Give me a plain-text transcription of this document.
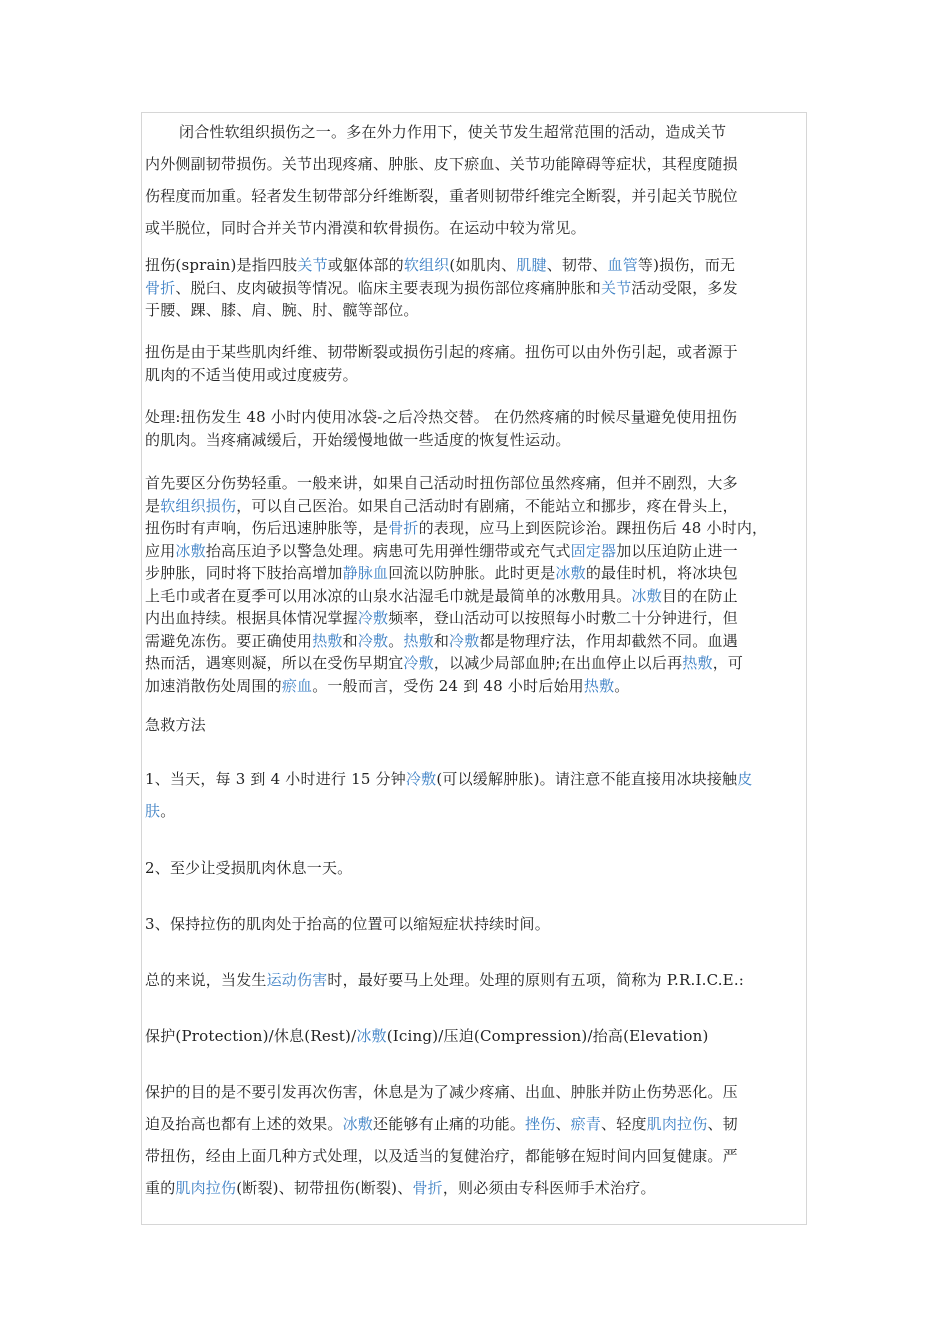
闭合性软组织损伤之一。多在外力作用下，使关节发生超常范围的活动，造成关节
内外侧副韧带损伤。关节出现疼痛、肿胀、皮下瘀血、关节功能障碍等症状，其程度随损
伤程度而加重。轻者发生韧带部分纤维断裂，重者则韧带纤维完全断裂，并引起关节脱位
或半脱位，同时合并关节内滑漠和软骨损伤。在运动中较为常见。
扭伤(sprain)是指四肢关节或躯体部的软组织(如肌肉、肌腱、韧带、血管等)损伤，而无
骨折、脱臼、皮肉破损等情况。临床主要表现为损伤部位疼痛肿胀和关节活动受限，多发
于腰、踝、膝、肩、腕、肘、髋等部位。
扭伤是由于某些肌肉纤维、韧带断裂或损伤引起的疼痛。扭伤可以由外伤引起，或者源于
肌肉的不适当使用或过度疲劳。
处理:扭伤发生 48 小时内使用冰袋-之后冷热交替。 在仍然疼痛的时候尽量避免使用扭伤
的肌肉。当疼痛减缓后，开始缓慢地做一些适度的恢复性运动。
首先要区分伤势轻重。一般来讲，如果自己活动时扭伤部位虽然疼痛，但并不剧烈，大多
是软组织损伤，可以自己医治。如果自己活动时有剧痛，不能站立和挪步，疼在骨头上，
扭伤时有声响，伤后迅速肿胀等，是骨折的表现，应马上到医院诊治。踝扭伤后 48 小时内，
应用冰敷抬高压迫予以警急处理。病患可先用弹性绷带或充气式固定器加以压迫防止进一
步肿胀，同时将下肢抬高增加静脉血回流以防肿胀。此时更是冰敷的最佳时机，将冰块包
上毛巾或者在夏季可以用冰凉的山泉水沾湿毛巾就是最简单的冰敷用具。冰敷目的在防止
内出血持续。根据具体情况掌握冷敷频率，登山活动可以按照每小时敷二十分钟进行，但
需避免冻伤。要正确使用热敷和冷敷。热敷和冷敷都是物理疗法，作用却截然不同。血遇
热而活，遇寒则凝，所以在受伤早期宜冷敷，以减少局部血肿;在出血停止以后再热敷，可
加速消散伤处周围的瘀血。一般而言，受伤 24 到 48 小时后始用热敷。
急救方法
1、当天，每 3 到 4 小时进行 15 分钟冷敷(可以缓解肿胀)。请注意不能直接用冰块接触皮
肤。
2、至少让受损肌肉休息一天。
3、保持拉伤的肌肉处于抬高的位置可以缩短症状持续时间。
总的来说，当发生运动伤害时，最好要马上处理。处理的原则有五项，简称为 P.R.I.C.E.:
保护(Protection)/休息(Rest)/冰敷(Icing)/压迫(Compression)/抬高(Elevation)
保护的目的是不要引发再次伤害，休息是为了减少疼痛、出血、肿胀并防止伤势恶化。压
迫及抬高也都有上述的效果。冰敷还能够有止痛的功能。挫伤、瘀青、轻度肌肉拉伤、韧
带扭伤，经由上面几种方式处理，以及适当的复健治疗，都能够在短时间内回复健康。严
重的肌肉拉伤(断裂)、韧带扭伤(断裂)、骨折，则必须由专科医师手术治疗。
